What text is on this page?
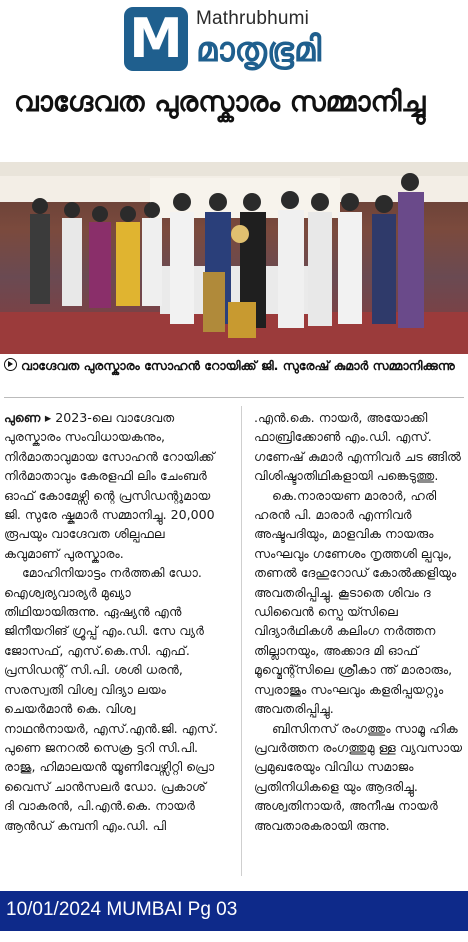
M Mathrubhumi
മാതൃഭൂമി
വാഗ്ദേവത പുരസ്കാരം സമ്മാനിച്ചു
വാഗ്ദേവത പുരസ്കാരം സോഹൻ റോയിക്ക് ജി. സുരേഷ് കുമാർ സമ്മാനിക്കുന്നു

പുണെ ▸ 2023-ലെ വാഗ്ദേവത പുരസ്കാരം സംവിധായകനും, നിർമാതാവുമായ സോഹൻ റോയിക്ക് നിർമാതാവും കേരളഫി ലിം ചേംബർ ഓഫ് കോമേഴ്സി ന്റെ പ്രസിഡന്റുമായ ജി. സുരേ ഷ്കുമാർ സമ്മാനിച്ചു. 20,000 രൂപയും വാഗ്ദേവത ശില്പഫല കവുമാണ് പുരസ്കാരം.

മോഹിനിയാട്ടം നർത്തകി ഡോ. ഐശ്വര്യവാര്യർ മുഖ്യാ തിഥിയായിരുന്നു. ഏഷ്യൻ എൻ ജിനീയറിങ് ഗ്രൂപ്പ് എം.ഡി. സേ വ്യർ ജോസഫ്, എസ്.കെ.സി. എഫ്. പ്രസിഡന്റ് സി.പി. ശശി ധരൻ, സരസ്വതി വിശ്വ വിദ്യാ ലയം ചെയർമാൻ കെ. വിശ്വ നാഥൻനായർ, എസ്.എൻ.ജി. എസ്. പുണെ ജനറൽ സെക്ര ട്ടറി സി.പി. രാജു, ഹിമാലയൻ യൂണിവേഴ്സിറ്റി പ്രൊ വൈസ് ചാൻസലർ ഡോ. പ്രകാശ് ദി വാകരൻ, പി.എൻ.കെ. നായർ ആൻഡ് കമ്പനി എം.ഡി. പി

.എൻ.കെ. നായർ, അയോക്കി ഫാബ്രിക്കോൺ എം.ഡി. എസ്. ഗണേഷ് കുമാർ എന്നിവർ ചട ങ്ങിൽ വിശിഷ്ടാതിഥികളായി പങ്കെടുത്തു.

കെ.നാരായണ മാരാർ, ഹരി ഹരൻ പി. മാരാർ എന്നിവർ അഷ്ടപദിയും, മാളവിക നായരും സംഘവും ഗണേശം നൃത്തശി ല്പവും, തണൽ ദേഹുറോഡ് കോൽക്കളിയും അവതരിപ്പിച്ചു. കൂടാതെ ശിവം ദ ഡിവൈൻ സ്പെ യ്സിലെ വിദ്യാർഥികൾ കലിംഗ നർത്തന തില്ലാനയും, അക്കാദ മി ഓഫ് മൂവ്മെന്റ്സിലെ ശ്രീകാ ന്ത് മാരാരും, സ്വരാജും സംഘവും കളരിപ്പയറ്റും അവതരിപ്പിച്ചു.

ബിസിനസ് രംഗത്തും സാമൂ ഹിക പ്രവർത്തന രംഗത്തുമു ള്ള വ്യവസായ പ്രമുഖരേയും വിവിധ സമാജം പ്രതിനിധികളെ യും ആദരിച്ചു. അശ്വതിനായർ, അനീഷ നായർ അവതാരകരായി രുന്നു.

10/01/2024 MUMBAI Pg 03
